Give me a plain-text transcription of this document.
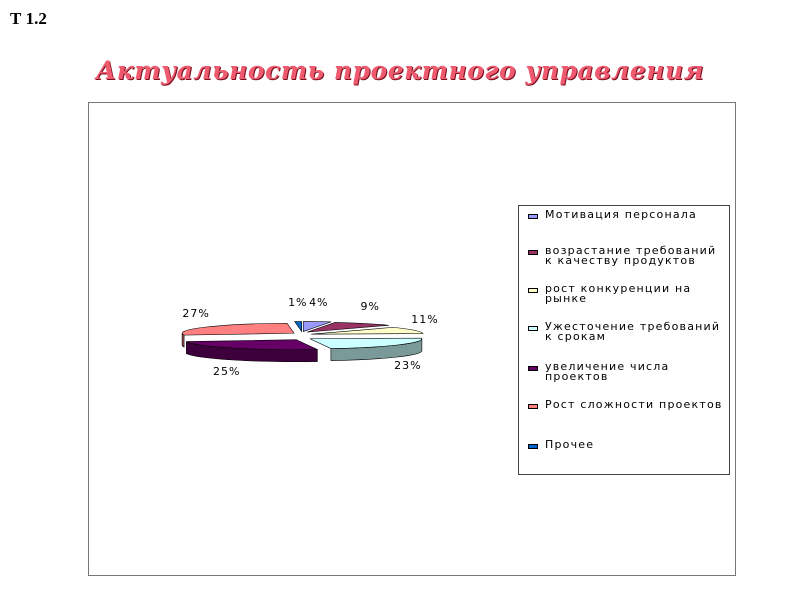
Т 1.2
Актуальность проектного управления
4%	9%
11%
23%
25%
27%
1%
Мотивация персонала
возрастание требований к качеству продуктов
рост конкуренции на рынке
Ужесточение требований к срокам
увеличение числа проектов
Рост сложности проектов
Прочее
